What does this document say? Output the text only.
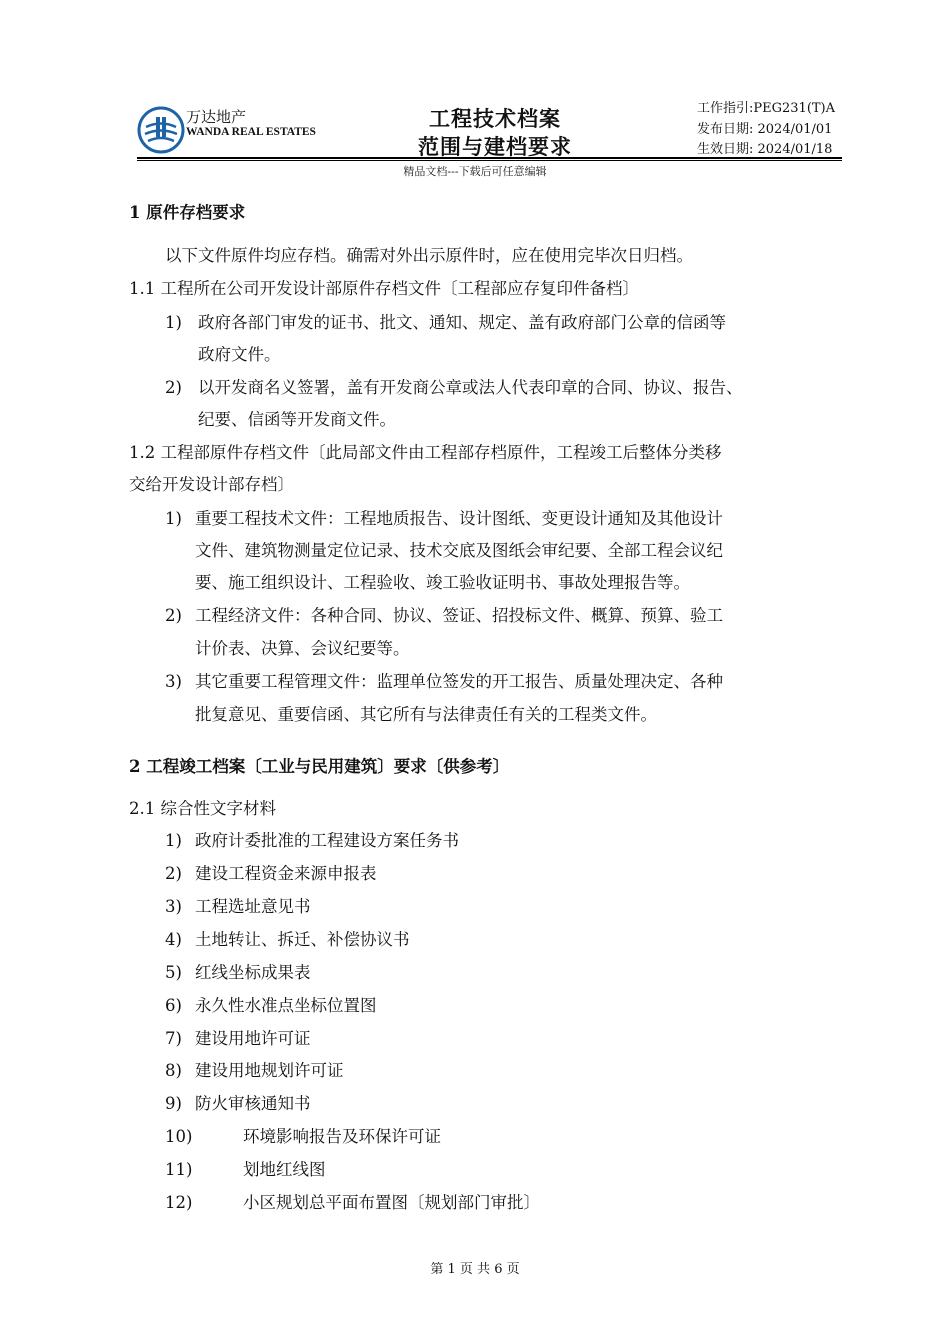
万达地产
WANDA REAL ESTATES
工程技术档案
范围与建档要求
工作指引:PEG231(T)A
发布日期: 2024/01/01
生效日期: 2024/01/18
精品文档---下载后可任意编辑
1 原件存档要求
以下文件原件均应存档。确需对外出示原件时，应在使用完毕次日归档。
1.1 工程所在公司开发设计部原件存档文件〔工程部应存复印件备档〕
1) 政府各部门审发的证书、批文、通知、规定、盖有政府部门公章的信函等
政府文件。
2) 以开发商名义签署，盖有开发商公章或法人代表印章的合同、协议、报告、
纪要、信函等开发商文件。
1.2 工程部原件存档文件〔此局部文件由工程部存档原件，工程竣工后整体分类移
交给开发设计部存档〕
1) 重要工程技术文件：工程地质报告、设计图纸、变更设计通知及其他设计
文件、建筑物测量定位记录、技术交底及图纸会审纪要、全部工程会议纪
要、施工组织设计、工程验收、竣工验收证明书、事故处理报告等。
2) 工程经济文件：各种合同、协议、签证、招投标文件、概算、预算、验工
计价表、决算、会议纪要等。
3) 其它重要工程管理文件：监理单位签发的开工报告、质量处理决定、各种
批复意见、重要信函、其它所有与法律责任有关的工程类文件。
2 工程竣工档案〔工业与民用建筑〕要求〔供参考〕
2.1 综合性文字材料
1) 政府计委批准的工程建设方案任务书
2) 建设工程资金来源申报表
3) 工程选址意见书
4) 土地转让、拆迁、补偿协议书
5) 红线坐标成果表
6) 永久性水准点坐标位置图
7) 建设用地许可证
8) 建设用地规划许可证
9) 防火审核通知书
10)	环境影响报告及环保许可证
11)	划地红线图
12)	小区规划总平面布置图〔规划部门审批〕
第 1 页 共 6 页
